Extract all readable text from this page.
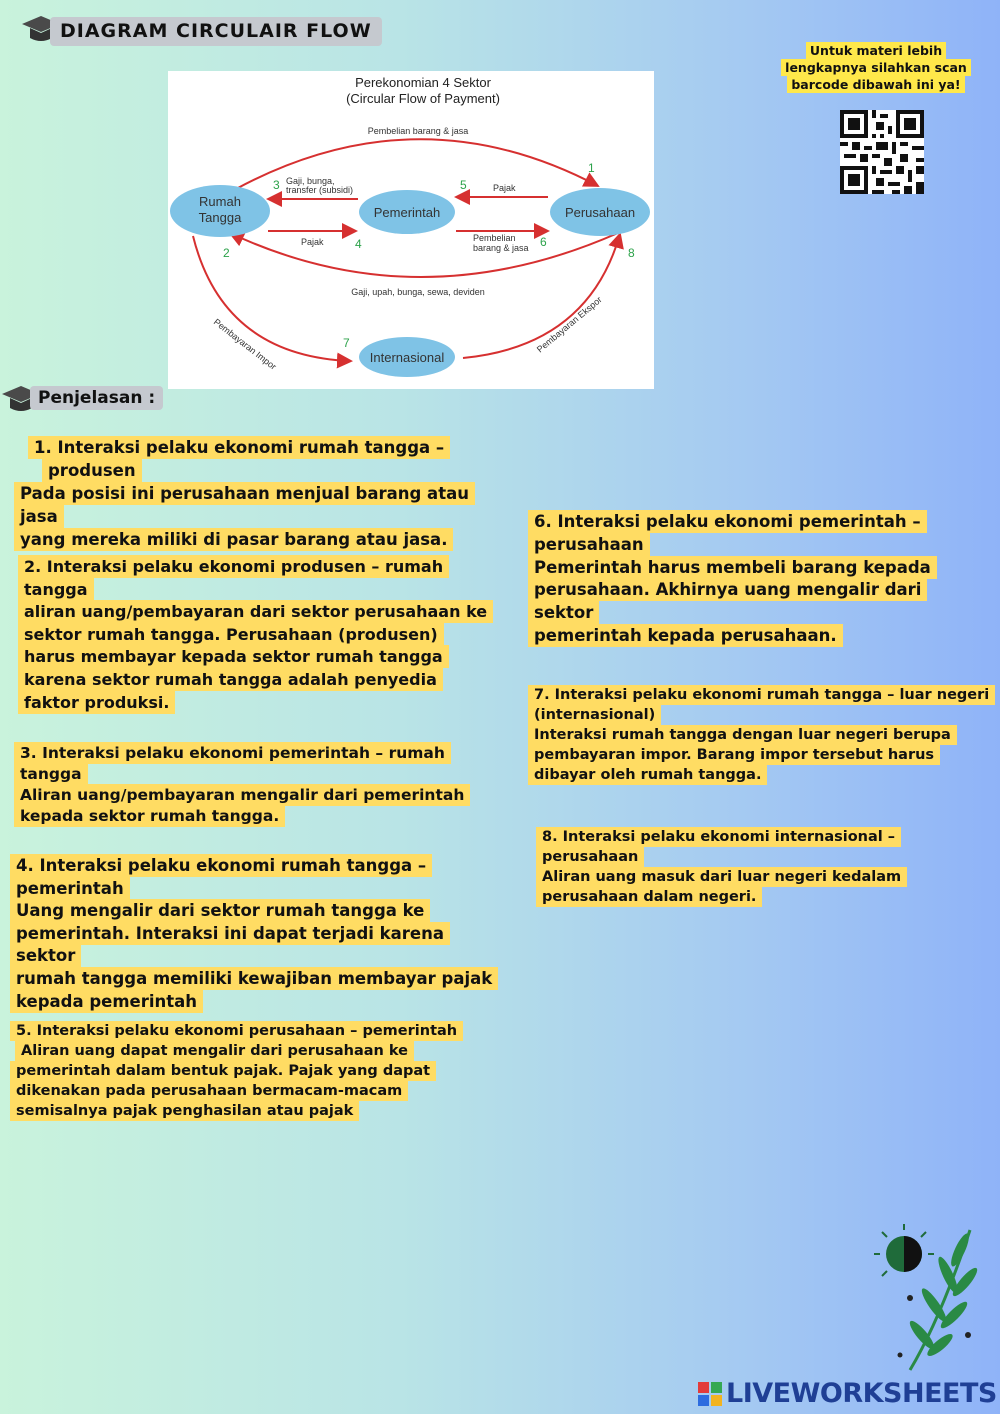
DIAGRAM CIRCULAIR FLOW
Untuk materi lebih lengkapnya silahkan scan barcode dibawah ini ya!
Perekonomian 4 Sektor
(Circular Flow of Payment)
Rumah
Tangga	Pemerintah	Perusahaan
Internasional
Pembelian barang & jasa
Gaji, bunga,
transfer (subsidi)	Pajak
Pajak	Pembelian
barang & jasa
Gaji, upah, bunga, sewa, deviden
Pembayaran Impor	Pembayaran Ekspor
1
2
3
4
5
6
7
8
Penjelasan :

1. Interaksi pelaku ekonomi rumah tangga –

produsen

Pada posisi ini perusahaan menjual barang atau jasa

yang mereka miliki di pasar barang atau jasa.

2. Interaksi pelaku ekonomi produsen – rumah

tangga

aliran uang/pembayaran dari sektor perusahaan ke

sektor rumah tangga. Perusahaan (produsen)

harus membayar kepada sektor rumah tangga

karena sektor rumah tangga adalah penyedia

faktor produksi.

3. Interaksi pelaku ekonomi pemerintah – rumah

tangga

Aliran uang/pembayaran mengalir dari pemerintah

kepada sektor rumah tangga.

4. Interaksi pelaku ekonomi rumah tangga –

pemerintah

Uang mengalir dari sektor rumah tangga ke

pemerintah. Interaksi ini dapat terjadi karena sektor

rumah tangga memiliki kewajiban membayar pajak

kepada pemerintah

5. Interaksi pelaku ekonomi perusahaan – pemerintah

Aliran uang dapat mengalir dari perusahaan ke

pemerintah dalam bentuk pajak. Pajak yang dapat

dikenakan pada perusahaan bermacam-macam

semisalnya pajak penghasilan atau pajak

6. Interaksi pelaku ekonomi pemerintah –

perusahaan

Pemerintah harus membeli barang kepada

perusahaan. Akhirnya uang mengalir dari sektor

pemerintah kepada perusahaan.

7. Interaksi pelaku ekonomi rumah tangga – luar negeri

(internasional)

Interaksi rumah tangga dengan luar negeri berupa

pembayaran impor. Barang impor tersebut harus

dibayar oleh rumah tangga.

8. Interaksi pelaku ekonomi internasional –

perusahaan

Aliran uang masuk dari luar negeri kedalam

perusahaan dalam negeri.

LIVEWORKSHEETS
